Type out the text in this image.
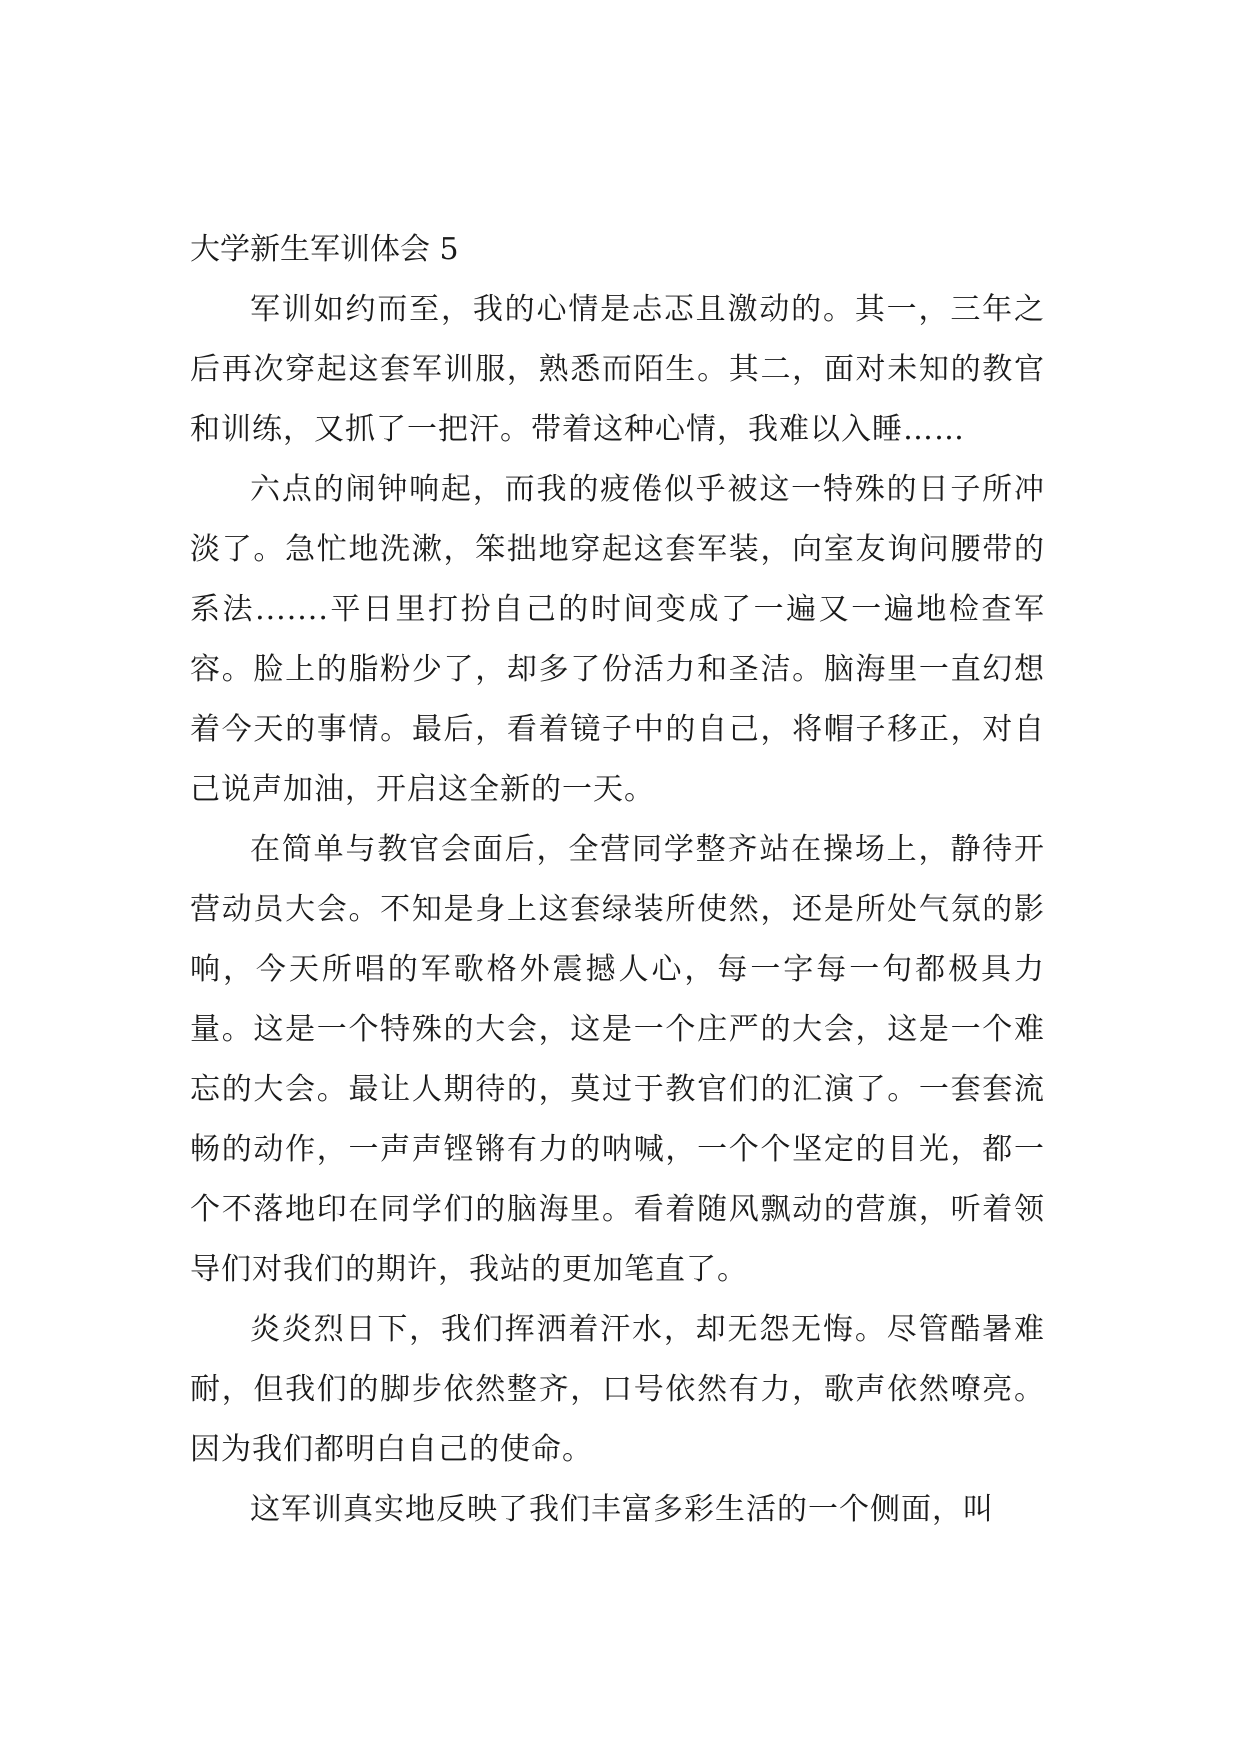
大学新生军训体会 5

军训如约而至，我的心情是忐忑且激动的。其一，三年之后再次穿起这套军训服，熟悉而陌生。其二，面对未知的教官和训练，又抓了一把汗。带着这种心情，我难以入睡……

六点的闹钟响起，而我的疲倦似乎被这一特殊的日子所冲淡了。急忙地洗漱，笨拙地穿起这套军装，向室友询问腰带的系法.......平日里打扮自己的时间变成了一遍又一遍地检查军容。脸上的脂粉少了，却多了份活力和圣洁。脑海里一直幻想着今天的事情。最后，看着镜子中的自己，将帽子移正，对自己说声加油，开启这全新的一天。

在简单与教官会面后，全营同学整齐站在操场上，静待开营动员大会。不知是身上这套绿装所使然，还是所处气氛的影响，今天所唱的军歌格外震撼人心，每一字每一句都极具力量。这是一个特殊的大会，这是一个庄严的大会，这是一个难忘的大会。最让人期待的，莫过于教官们的汇演了。一套套流畅的动作，一声声铿锵有力的呐喊，一个个坚定的目光，都一个不落地印在同学们的脑海里。看着随风飘动的营旗，听着领导们对我们的期许，我站的更加笔直了。

炎炎烈日下，我们挥洒着汗水，却无怨无悔。尽管酷暑难耐，但我们的脚步依然整齐，口号依然有力，歌声依然嘹亮。因为我们都明白自己的使命。

这军训真实地反映了我们丰富多彩生活的一个侧面，叫
